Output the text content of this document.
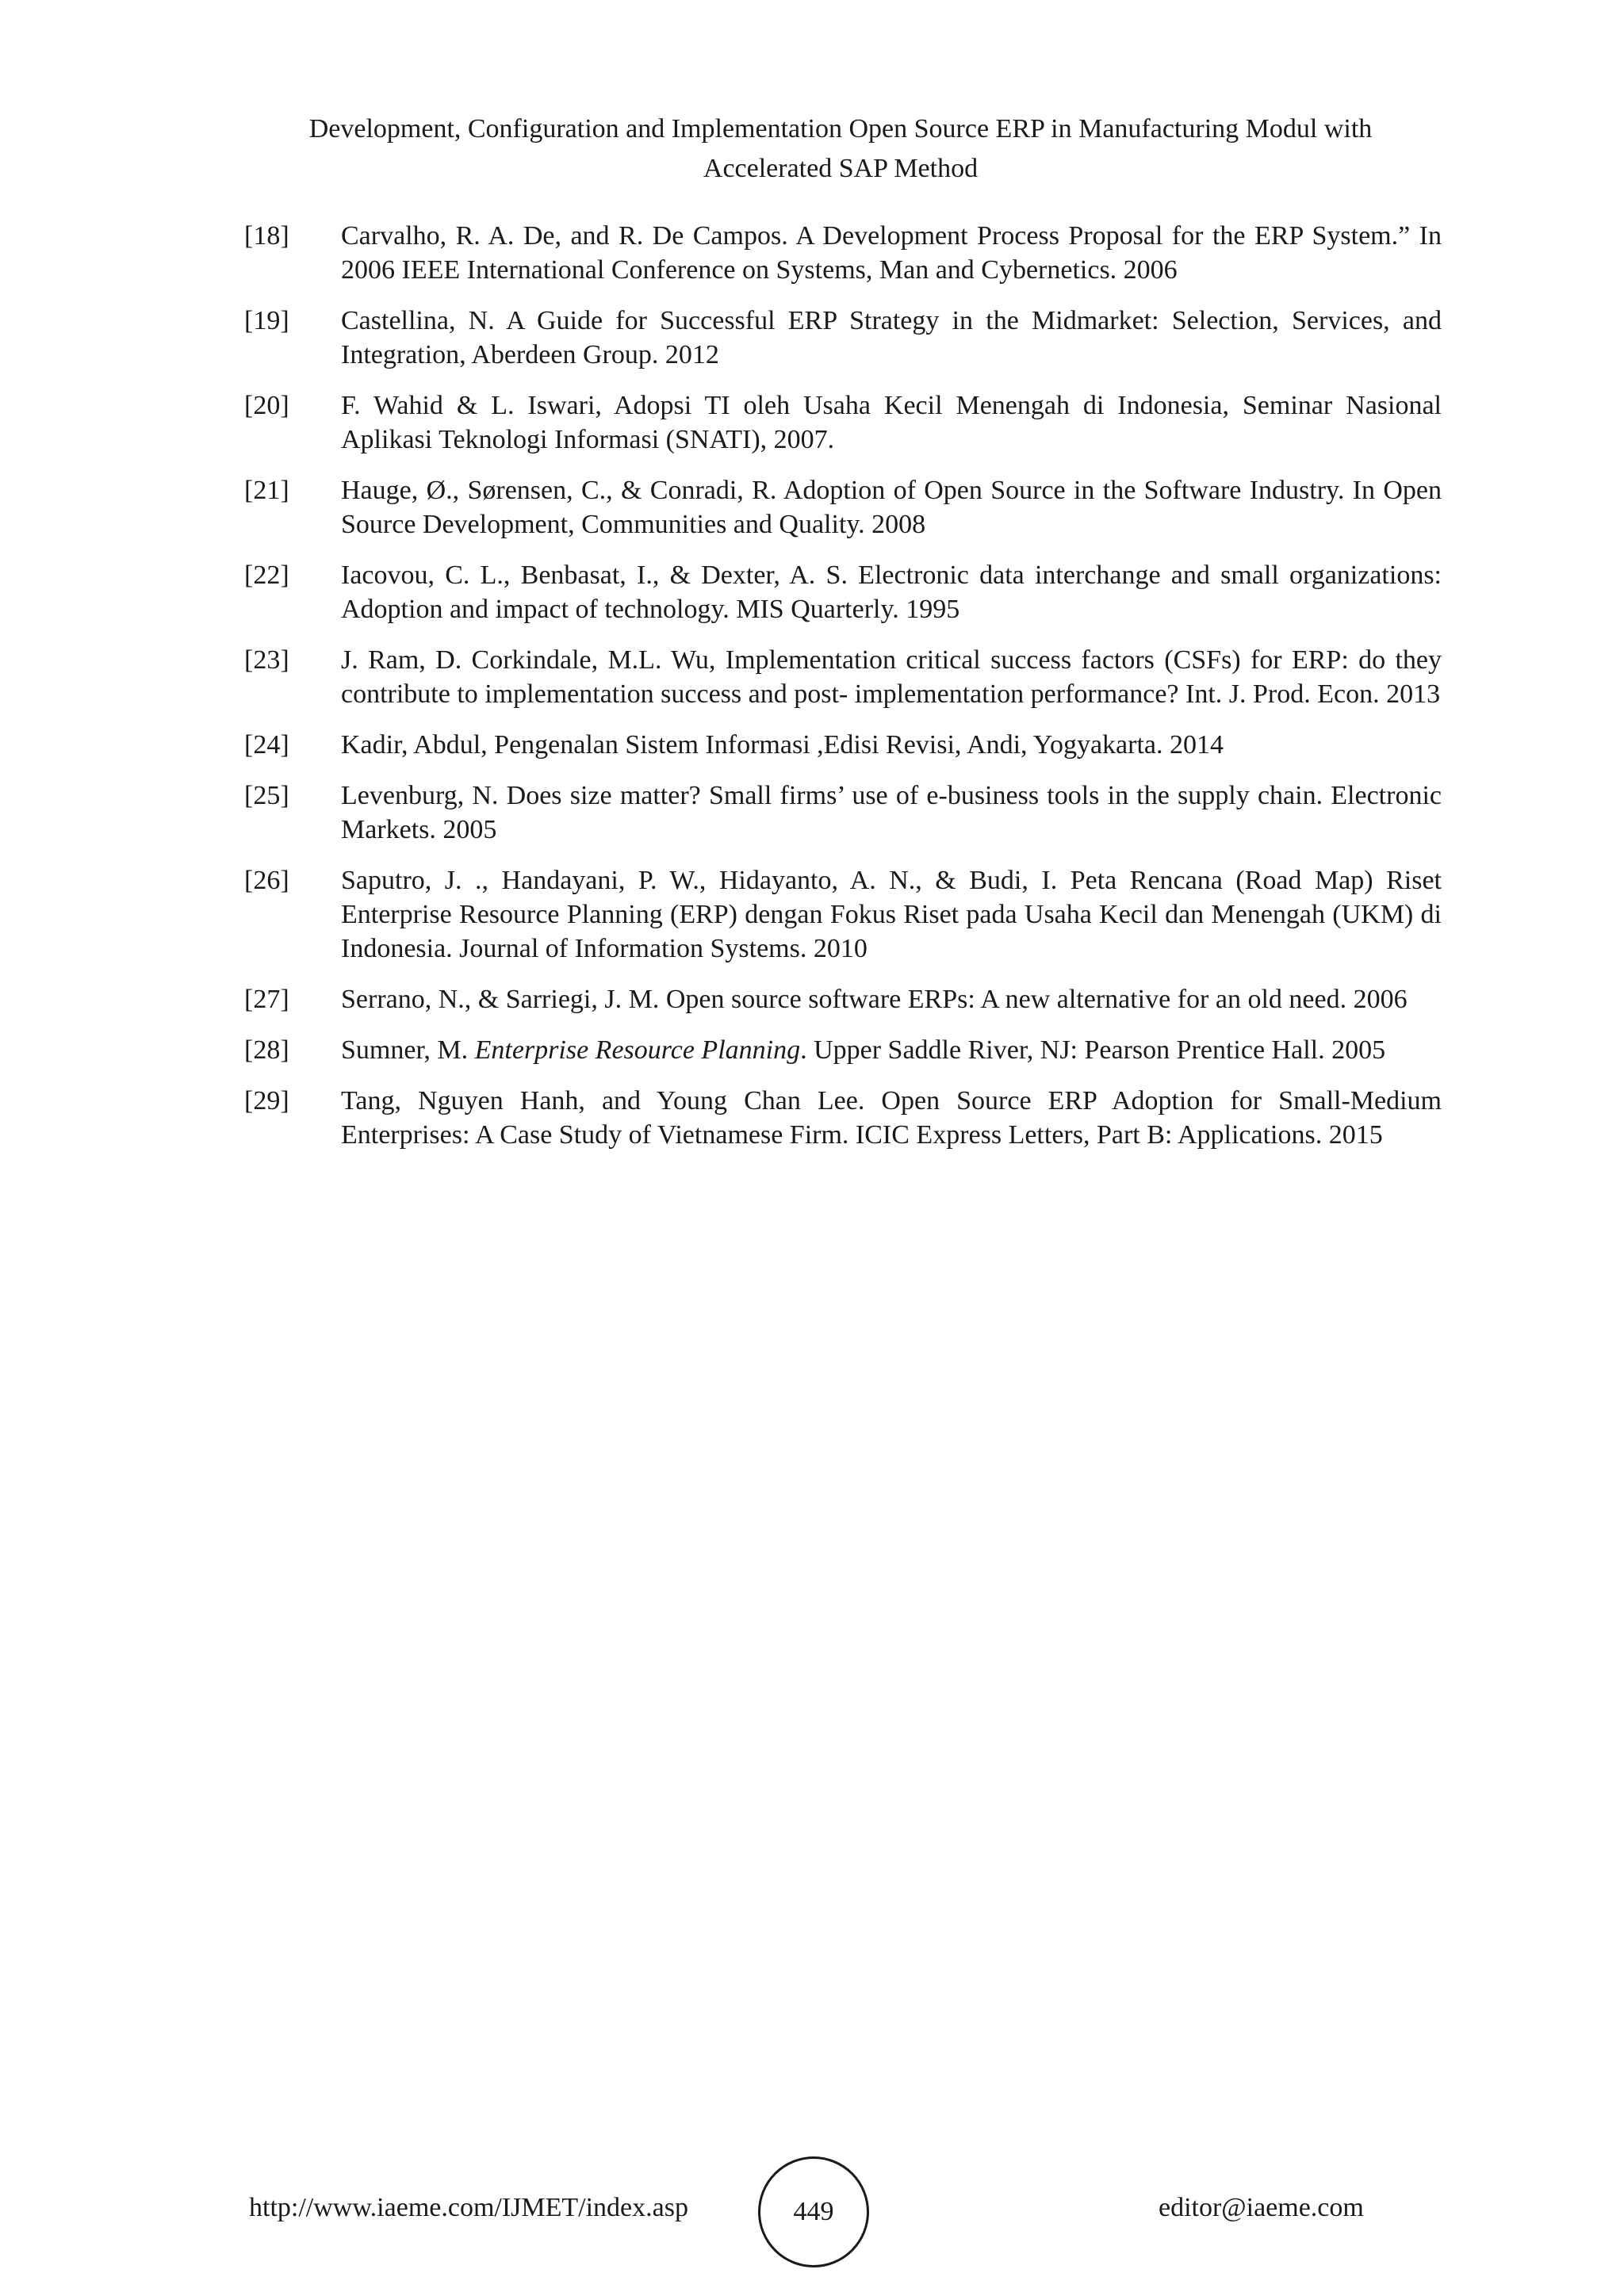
Development, Configuration and Implementation Open Source ERP in Manufacturing Modul with
Accelerated SAP Method
[18] Carvalho, R. A. De, and R. De Campos. A Development Process Proposal for the ERP System.” In 2006 IEEE International Conference on Systems, Man and Cybernetics. 2006
[19] Castellina, N. A Guide for Successful ERP Strategy in the Midmarket: Selection, Services, and Integration, Aberdeen Group. 2012
[20] F. Wahid & L. Iswari, Adopsi TI oleh Usaha Kecil Menengah di Indonesia, Seminar Nasional Aplikasi Teknologi Informasi (SNATI), 2007.
[21] Hauge, Ø., Sørensen, C., & Conradi, R. Adoption of Open Source in the Software Industry. In Open Source Development, Communities and Quality. 2008
[22] Iacovou, C. L., Benbasat, I., & Dexter, A. S. Electronic data interchange and small organizations: Adoption and impact of technology. MIS Quarterly. 1995
[23] J. Ram, D. Corkindale, M.L. Wu, Implementation critical success factors (CSFs) for ERP: do they contribute to implementation success and post- implementation performance? Int. J. Prod. Econ. 2013
[24] Kadir, Abdul, Pengenalan Sistem Informasi ,Edisi Revisi, Andi, Yogyakarta. 2014
[25] Levenburg, N. Does size matter? Small firms’ use of e-business tools in the supply chain. Electronic Markets. 2005
[26] Saputro, J. ., Handayani, P. W., Hidayanto, A. N., & Budi, I. Peta Rencana (Road Map) Riset Enterprise Resource Planning (ERP) dengan Fokus Riset pada Usaha Kecil dan Menengah (UKM) di Indonesia. Journal of Information Systems. 2010
[27] Serrano, N., & Sarriegi, J. M. Open source software ERPs: A new alternative for an old need. 2006
[28] Sumner, M. Enterprise Resource Planning. Upper Saddle River, NJ: Pearson Prentice Hall. 2005
[29] Tang, Nguyen Hanh, and Young Chan Lee. Open Source ERP Adoption for Small-Medium Enterprises: A Case Study of Vietnamese Firm. ICIC Express Letters, Part B: Applications. 2015
http://www.iaeme.com/IJMET/index.asp	449	editor@iaeme.com
